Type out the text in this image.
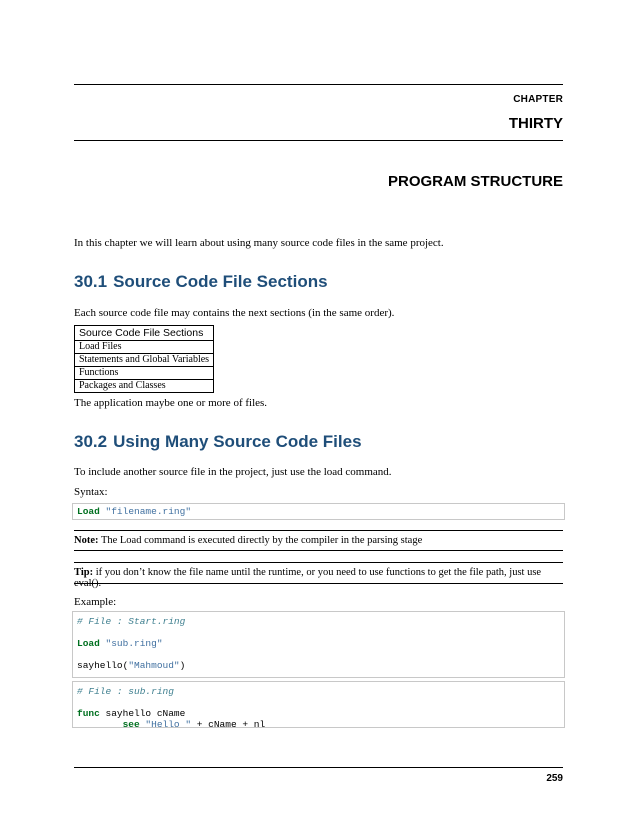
CHAPTER
THIRTY
PROGRAM STRUCTURE
In this chapter we will learn about using many source code files in the same project.
30.1 Source Code File Sections
Each source code file may contains the next sections (in the same order).
Source Code File Sections
Load Files
Statements and Global Variables
Functions
Packages and Classes
The application maybe one or more of files.
30.2 Using Many Source Code Files
To include another source file in the project, just use the load command.
Syntax:
Load "filename.ring"
Note: The Load command is executed directly by the compiler in the parsing stage
Tip: if you don’t know the file name until the runtime, or you need to use functions to get the file path, just use eval().
Example:
# File : Start.ring

Load "sub.ring"

sayhello("Mahmoud")
# File : sub.ring

func sayhello cName
see "Hello " + cName + nl
259
